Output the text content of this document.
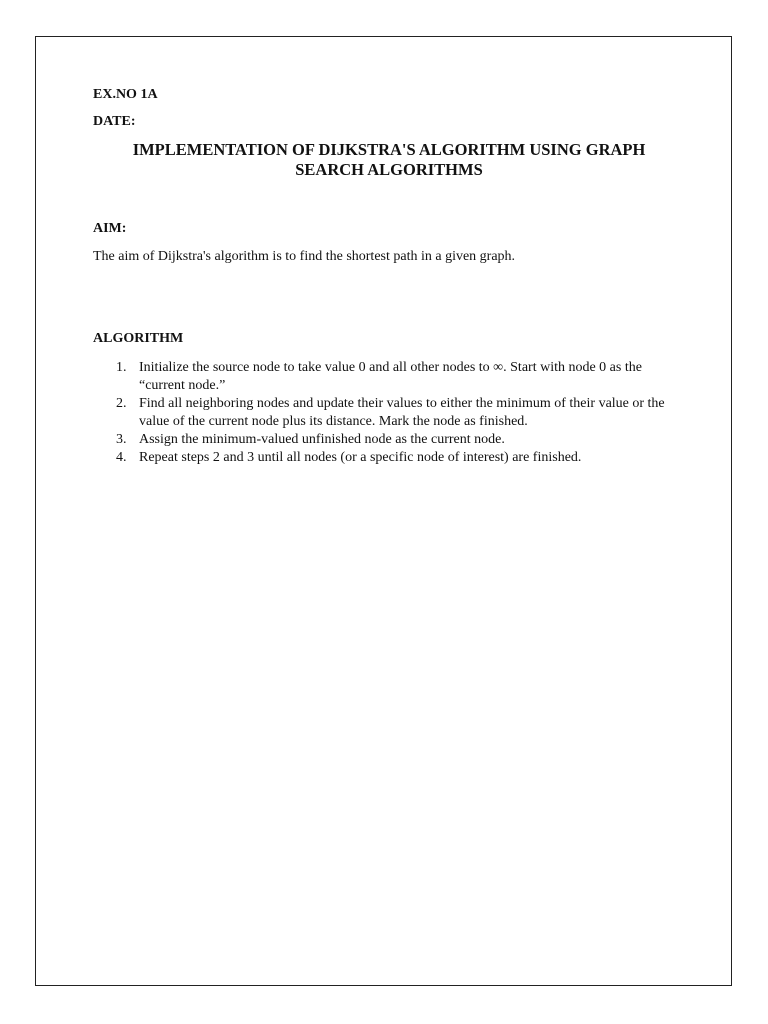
EX.NO 1A

DATE:

IMPLEMENTATION OF DIJKSTRA'S ALGORITHM USING GRAPH
SEARCH ALGORITHMS

AIM:

The aim of Dijkstra's algorithm is to find the shortest path in a given graph.

ALGORITHM

1. Initialize the source node to take value 0 and all other nodes to ∞. Start with node 0 as the “current node.”
2. Find all neighboring nodes and update their values to either the minimum of their value or the value of the current node plus its distance. Mark the node as finished.
3. Assign the minimum-valued unfinished node as the current node.
4. Repeat steps 2 and 3 until all nodes (or a specific node of interest) are finished.
